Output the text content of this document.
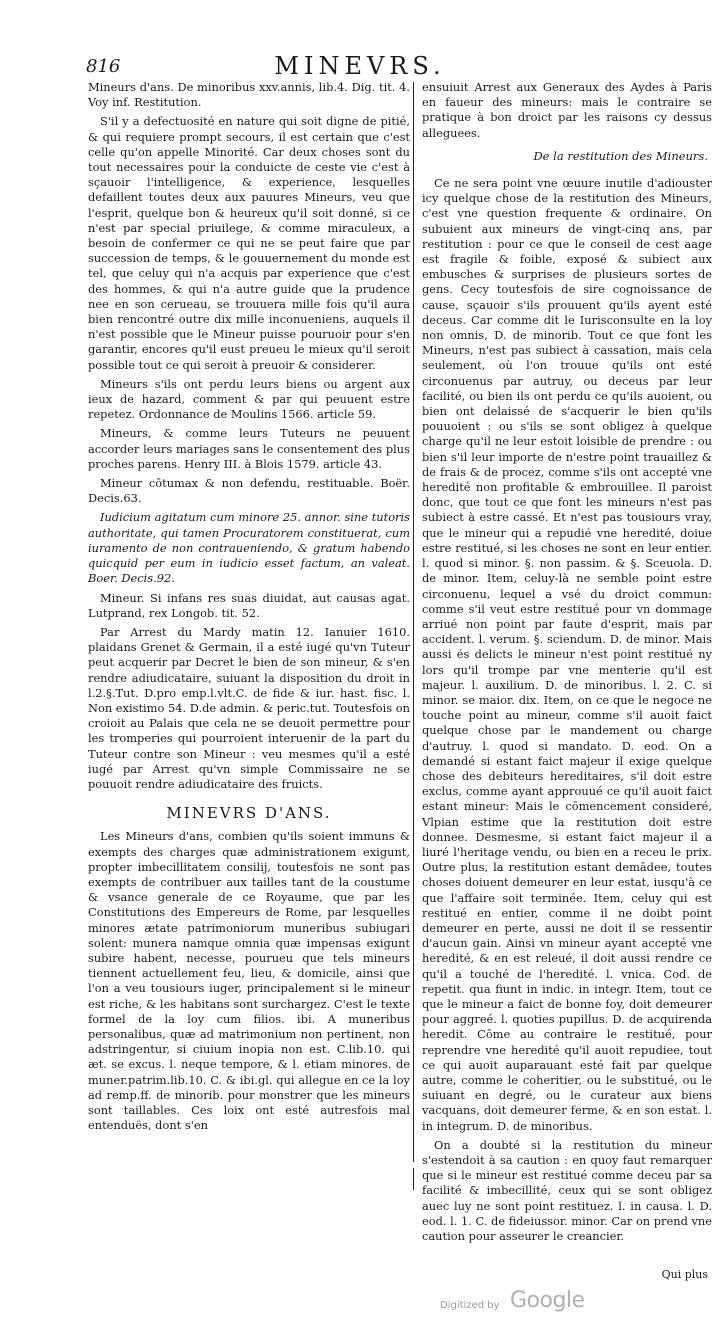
816	MINEVRS.

Mineurs d'ans. De minoribus xxv.annis, lib.4. Dig. tit. 4. Voy inf. Restitution.

S'il y a defectuosité en nature qui soit digne de pitié, & qui requiere prompt secours, il est certain que c'est celle qu'on appelle Minorité. Car deux choses sont du tout necessaires pour la conduicte de ceste vie c'est à sçauoir l'intelligence, & experience, lesquelles defaillent toutes deux aux pauures Mineurs, veu que l'esprit, quelque bon & heureux qu'il soit donné, si ce n'est par special priuilege, & comme miraculeux, a besoin de confermer ce qui ne se peut faire que par succession de temps, & le gouuernement du monde est tel, que celuy qui n'a acquis par experience que c'est des hommes, & qui n'a autre guide que la prudence nee en son cerueau, se trouuera mille fois qu'il aura bien rencontré outre dix mille inconueniens, auquels il n'est possible que le Mineur puisse pouruoir pour s'en garantir, encores qu'il eust preueu le mieux qu'il seroit possible tout ce qui seroit à preuoir & considerer.

Mineurs s'ils ont perdu leurs biens ou argent aux ieux de hazard, comment & par qui peuuent estre repetez. Ordonnance de Moulins 1566. article 59.

Mineurs, & comme leurs Tuteurs ne peuuent accorder leurs mariages sans le consentement des plus proches parens. Henry III. à Blois 1579. article 43.

Mineur cōtumax & non defendu, restituable. Boër. Decis.63.

Iudicium agitatum cum minore 25. annor. sine tutoris authoritate, qui tamen Procuratorem constituerat, cum iuramento de non contraueniendo, & gratum habendo quicquid per eum in iudicio esset factum, an valeat. Boer. Decis.92.

Mineur. Si infans res suas diuidat, aut causas agat. Lutprand, rex Longob. tit. 52.

Par Arrest du Mardy matin 12. Ianuier 1610. plaidans Grenet & Germain, il a esté iugé qu'vn Tuteur peut acquerir par Decret le bien de son mineur, & s'en rendre adiudicataire, suiuant la disposition du droit in l.2.§.Tut. D.pro emp.l.vlt.C. de fide & iur. hast. fisc. l. Non existimo 54. D.de admin. & peric.tut. Toutesfois on croioit au Palais que cela ne se deuoit permettre pour les tromperies qui pourroient interuenir de la part du Tuteur contre son Mineur : veu mesmes qu'il a esté iugé par Arrest qu'vn simple Commissaire ne se pouuoit rendre adiudicataire des fruicts.

MINEVRS D'ANS.

Les Mineurs d'ans, combien qu'ils soient immuns & exempts des charges quæ administrationem exigunt, propter imbecillitatem consilij, toutesfois ne sont pas exempts de contribuer aux tailles tant de la coustume & vsance generale de ce Royaume, que par les Constitutions des Empereurs de Rome, par lesquelles minores ætate patrimoniorum muneribus subiugari solent: munera namque omnia quæ impensas exigunt subire habent, necesse, pourueu que tels mineurs tiennent actuellement feu, lieu, & domicile, ainsi que l'on a veu tousiours iuger, principalement si le mineur est riche, & les habitans sont surchargez. C'est le texte formel de la loy cum filios. ibi. A muneribus personalibus, quæ ad matrimonium non pertinent, non adstringentur, si ciuium inopia non est. C.lib.10. qui æt. se excus. l. neque tempore, & l. etiam minores. de muner.patrim.lib.10. C. & ibi.gl. qui allegue en ce la loy ad remp.ff. de minorib. pour monstrer que les mineurs sont taillables. Ces loix ont esté autresfois mal entenduës, dont s'en

ensuiuit Arrest aux Generaux des Aydes à Paris en faueur des mineurs: mais le contraire se pratique à bon droict par les raisons cy dessus alleguees.

De la restitution des Mineurs.

Ce ne sera point vne œuure inutile d'adiouster icy quelque chose de la restitution des Mineurs, c'est vne question frequente & ordinaire. On subuient aux mineurs de vingt-cinq ans, par restitution : pour ce que le conseil de cest aage est fragile & foible, exposé & subiect aux embusches & surprises de plusieurs sortes de gens. Cecy toutesfois de sire cognoissance de cause, sçauoir s'ils prouuent qu'ils ayent esté deceus. Car comme dit le Iurisconsulte en la loy non omnis, D. de minorib. Tout ce que font les Mineurs, n'est pas subiect à cassation, mais cela seulement, où l'on trouue qu'ils ont esté circonuenus par autruy, ou deceus par leur facilité, ou bien ils ont perdu ce qu'ils auoient, ou bien ont delaissé de s'acquerir le bien qu'ils pouuoient : ou s'ils se sont obligez à quelque charge qu'il ne leur estoit loisible de prendre : ou bien s'il leur importe de n'estre point trauaillez & de frais & de procez, comme s'ils ont accepté vne heredité non profitable & embrouillee. Il paroist donc, que tout ce que font les mineurs n'est pas subiect à estre cassé. Et n'est pas tousiours vray, que le mineur qui a repudié vne heredité, doiue estre restitué, si les choses ne sont en leur entier. l. quod si minor. §. non passim. & §. Sceuola. D. de minor. Item, celuy-là ne semble point estre circonuenu, lequel a vsé du droict commun: comme s'il veut estre restitué pour vn dommage arriué non point par faute d'esprit, mais par accident. l. verum. §. sciendum. D. de minor. Mais aussi és delicts le mineur n'est point restitué ny lors qu'il trompe par vne menterie qu'il est majeur. l. auxilium. D. de minoribus. l. 2. C. si minor. se maior. dix. Item, on ce que le negoce ne touche point au mineur, comme s'il auoit faict quelque chose par le mandement ou charge d'autruy. l. quod si mandato. D. eod. On a demandé si estant faict majeur il exige quelque chose des debiteurs hereditaires, s'il doit estre exclus, comme ayant approuué ce qu'il auoit faict estant mineur: Mais le cōmencement consideré, Vlpian estime que la restitution doit estre donnee. Desmesme, si estant faict majeur il a liuré l'heritage vendu, ou bien en a receu le prix. Outre plus, la restitution estant demādee, toutes choses doiuent demeurer en leur estat, iusqu'à ce que l'affaire soit terminée. Item, celuy qui est restitué en entier, comme il ne doibt point demeurer en perte, aussi ne doit il se ressentir d'aucun gain. Ainsi vn mineur ayant accepté vne heredité, & en est releué, il doit aussi rendre ce qu'il a touché de l'heredité. l. vnica. Cod. de repetit. qua fiunt in indic. in integr. Item, tout ce que le mineur a faict de bonne foy, doit demeurer pour aggreé. l. quoties pupillus. D. de acquirenda heredit. Cōme au contraire le restitué, pour reprendre vne heredité qu'il auoit repudiee, tout ce qui auoit auparauant esté fait par quelque autre, comme le coheritier, ou le substitué, ou le suiuant en degré, ou le curateur aux biens vacquans, doit demeurer ferme, & en son estat. l. in integrum. D. de minoribus.

On a doubté si la restitution du mineur s'estendoit à sa caution : en quoy faut remarquer que si le mineur est restitué comme deceu par sa facilité & imbecillité, ceux qui se sont obligez auec luy ne sont point restituez. l. in causa. l. D. eod. l. 1. C. de fideiussor. minor. Car on prend vne caution pour asseurer le creancier.

Qui plus
Digitized by Google
